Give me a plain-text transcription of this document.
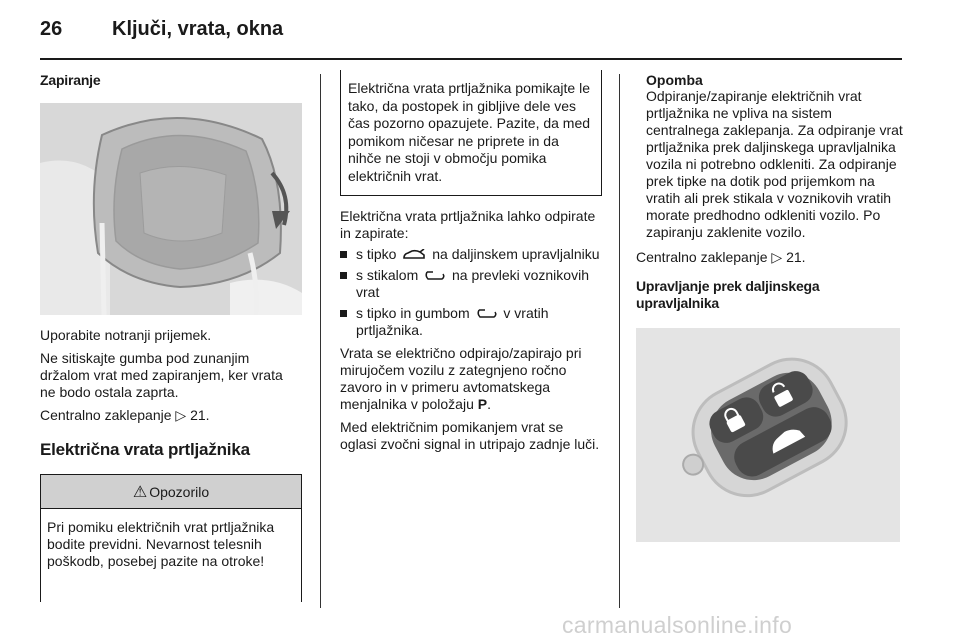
26	Ključi, vrata, okna
Zapiranje

Uporabite notranji prijemek.

Ne sitiskajte gumba pod zunanjim držalom vrat med zapiranjem, ker vrata ne bodo ostala zaprta.

Centralno zaklepanje ▷ 21.

Električna vrata prtljažnika
⚠ Opozorilo
Pri pomiku električnih vrat prtljažnika bodite previdni. Nevarnost telesnih poškodb, posebej pazite na otroke!

Električna vrata prtljažnika pomikajte le tako, da postopek in gibljive dele ves čas pozorno opazujete. Pazite, da med pomikom ničesar ne priprete in da nihče ne stoji v območju pomika električnih vrat.

Električna vrata prtljažnika lahko odpirate in zapirate:

s tipko	na daljinskem upravljalniku
s stikalom na prevleki voznikovih vrat
s tipko in gumbom v vratih prtljažnika.

Vrata se električno odpirajo/zapirajo pri mirujočem vozilu z zategnjeno ročno zavoro in v primeru avtomatskega menjalnika v položaju P.

Med električnim pomikanjem vrat se oglasi zvočni signal in utripajo zadnje luči.

Opomba

Odpiranje/zapiranje električnih vrat prtljažnika ne vpliva na sistem centralnega zaklepanja. Za odpiranje vrat prtljažnika prek daljinskega upravljalnika vozila ni potrebno odkleniti. Za odpiranje prek tipke na dotik pod prijemkom na vratih ali prek stikala v voznikovih vratih morate predhodno odkleniti vozilo. Po zapiranju zaklenite vozilo.

Centralno zaklepanje ▷ 21.

Upravljanje prek daljinskega upravljalnika
carmanualsonline.info
